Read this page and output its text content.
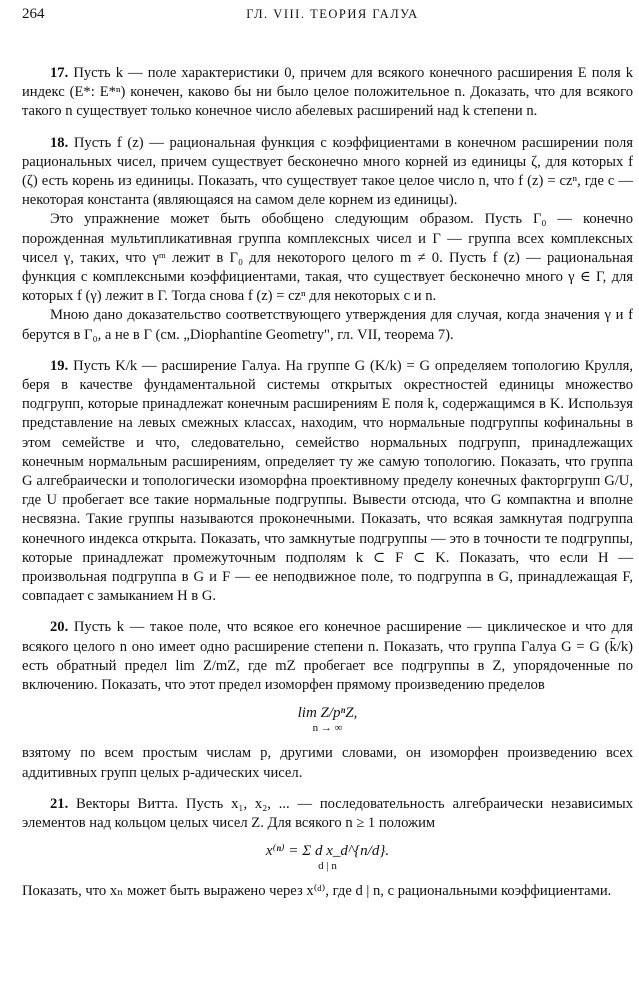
264	ГЛ. VIII. ТЕОРИЯ ГАЛУА

17. Пусть k — поле характеристики 0, причем для всякого конечного расширения E поля k индекс (E*: E*ⁿ) конечен, каково бы ни было целое положительное n. Доказать, что для всякого такого n существует только конечное число абелевых расширений над k степени n.

18. Пусть f (z) — рациональная функция с коэффициентами в конечном расширении поля рациональных чисел, причем существует бесконечно много корней из единицы ζ, для которых f (ζ) есть корень из единицы. Показать, что существует такое целое число n, что f (z) = czⁿ, где c — некоторая константа (являющаяся на самом деле корнем из единицы).

Это упражнение может быть обобщено следующим образом. Пусть Γ₀ — конечно порожденная мультипликативная группа комплексных чисел и Γ — группа всех комплексных чисел γ, таких, что γᵐ лежит в Γ₀ для некоторого целого m ≠ 0. Пусть f (z) — рациональная функция с комплексными коэффициентами, такая, что существует бесконечно много γ ∈ Γ, для которых f (γ) лежит в Γ. Тогда снова f (z) = czⁿ для некоторых c и n.

Мною дано доказательство соответствующего утверждения для случая, когда значения γ и f берутся в Γ₀, а не в Γ (см. „Diophantine Geometry", гл. VII, теорема 7).

19. Пусть K/k — расширение Галуа. На группе G (K/k) = G определяем топологию Крулля, беря в качестве фундаментальной системы открытых окрестностей единицы множество подгрупп, которые принадлежат конечным расширениям E поля k, содержащимся в K. Используя представление на левых смежных классах, находим, что нормальные подгруппы кофинальны в этом семействе и что, следовательно, семейство нормальных подгрупп, принадлежащих конечным нормальным расширениям, определяет ту же самую топологию. Показать, что группа G алгебраически и топологически изоморфна проективному пределу конечных факторгрупп G/U, где U пробегает все такие нормальные подгруппы. Вывести отсюда, что G компактна и вполне несвязна. Такие группы называются проконечными. Показать, что всякая замкнутая подгруппа конечного индекса открыта. Показать, что замкнутые подгруппы — это в точности те подгруппы, которые принадлежат промежуточным подполям k ⊂ F ⊂ K. Показать, что если H — произвольная подгруппа в G и F — ее неподвижное поле, то подгруппа в G, принадлежащая F, совпадает с замыканием H в G.

20. Пусть k — такое поле, что всякое его конечное расширение — циклическое и что для всякого целого n оно имеет одно расширение степени n. Показать, что группа Галуа G = G (k̄/k) есть обратный предел lim Z/mZ, где mZ пробегает все подгруппы в Z, упорядоченные по включению. Показать, что этот предел изоморфен прямому произведению пределов

lim Z/pⁿZ,
n → ∞

взятому по всем простым числам p, другими словами, он изоморфен произведению всех аддитивных групп целых p-адических чисел.

21. Векторы Витта. Пусть x₁, x₂, ... — последовательность алгебраически независимых элементов над кольцом целых чисел Z. Для всякого n ≥ 1 положим

x⁽ⁿ⁾ = Σ d x_d^{n/d}.
d | n

Показать, что xₙ может быть выражено через x⁽ᵈ⁾, где d | n, с рациональными коэффициентами.
